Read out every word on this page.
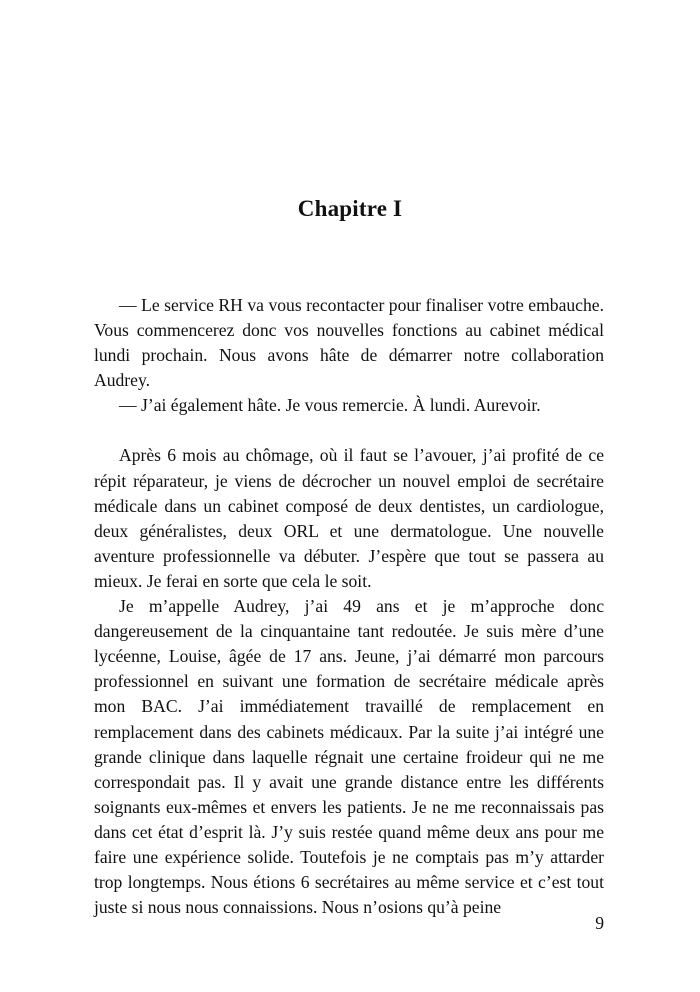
Chapitre I

— Le service RH va vous recontacter pour finaliser votre embauche. Vous commencerez donc vos nouvelles fonctions au cabinet médical lundi prochain. Nous avons hâte de démarrer notre collaboration Audrey.

— J’ai également hâte. Je vous remercie. À lundi. Aurevoir.

Après 6 mois au chômage, où il faut se l’avouer, j’ai profité de ce répit réparateur, je viens de décrocher un nouvel emploi de secrétaire médicale dans un cabinet composé de deux dentistes, un cardiologue, deux généralistes, deux ORL et une dermatologue. Une nouvelle aventure professionnelle va débuter. J’espère que tout se passera au mieux. Je ferai en sorte que cela le soit.

Je m’appelle Audrey, j’ai 49 ans et je m’approche donc dangereusement de la cinquantaine tant redoutée. Je suis mère d’une lycéenne, Louise, âgée de 17 ans. Jeune, j’ai démarré mon parcours professionnel en suivant une formation de secrétaire médicale après mon BAC. J’ai immédiatement travaillé de remplacement en remplacement dans des cabinets médicaux. Par la suite j’ai intégré une grande clinique dans laquelle régnait une certaine froideur qui ne me correspondait pas. Il y avait une grande distance entre les différents soignants eux-mêmes et envers les patients. Je ne me reconnaissais pas dans cet état d’esprit là. J’y suis restée quand même deux ans pour me faire une expérience solide. Toutefois je ne comptais pas m’y attarder trop longtemps. Nous étions 6 secrétaires au même service et c’est tout juste si nous nous connaissions. Nous n’osions qu’à peine

9
